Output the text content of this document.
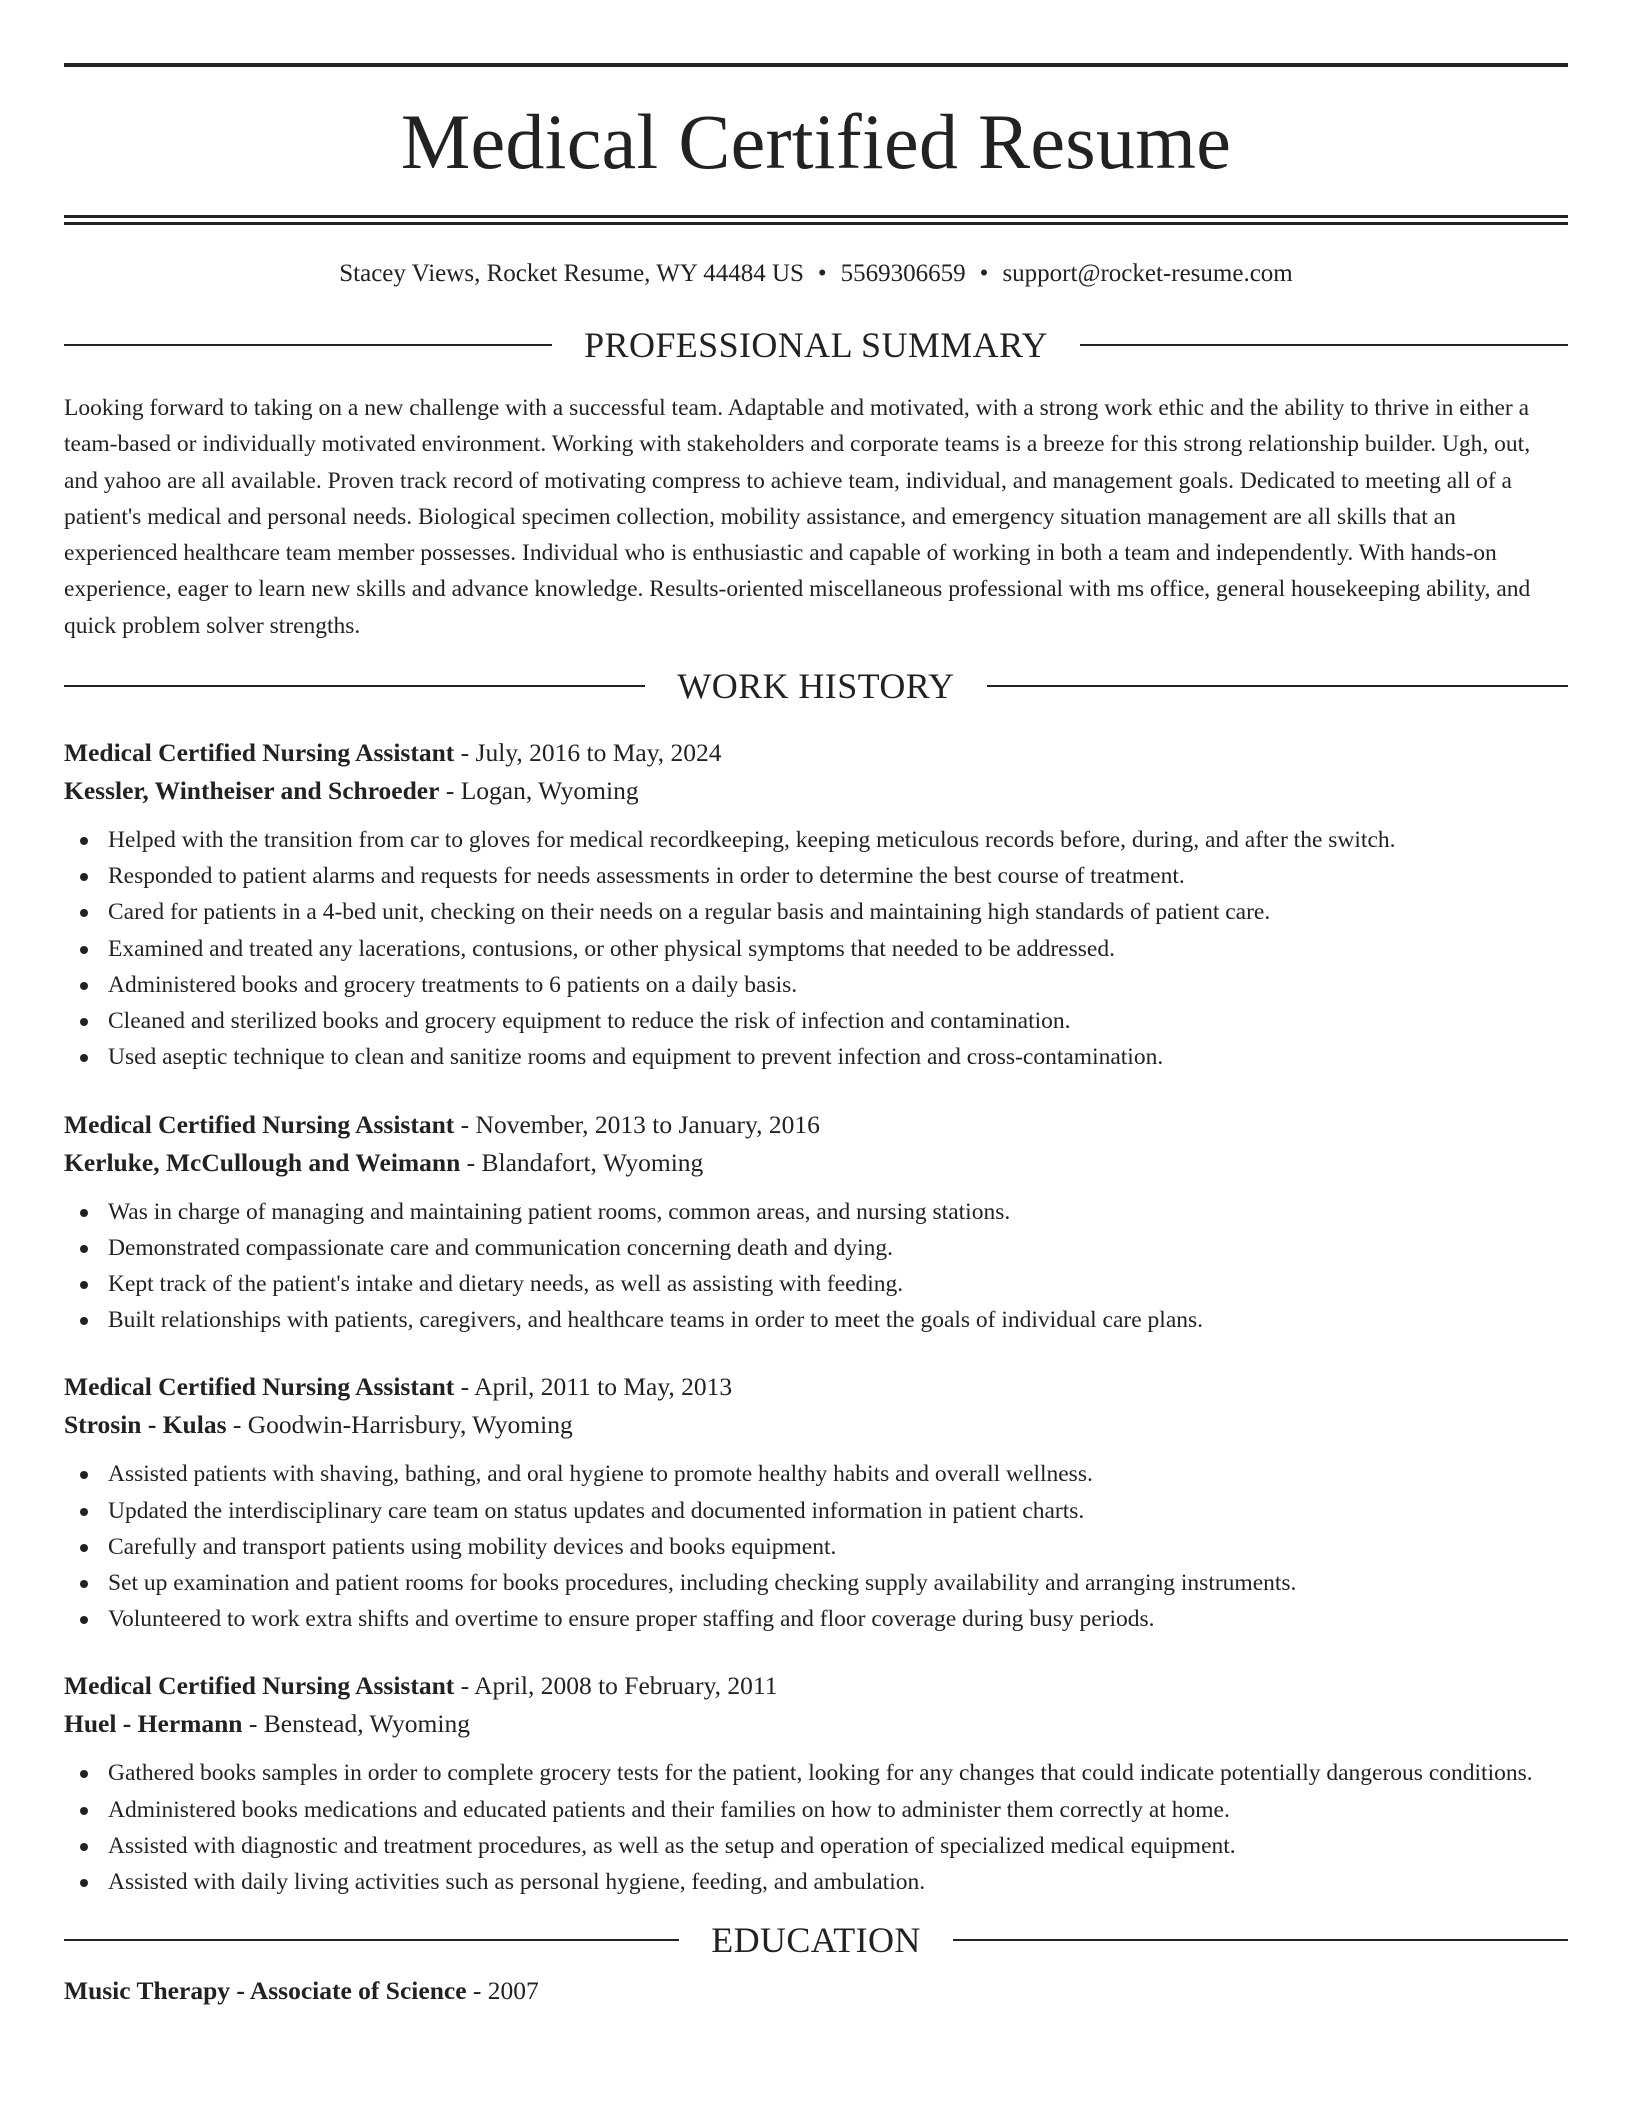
Medical Certified Resume
Stacey Views, Rocket Resume, WY 44484 US • 5569306659 • support@rocket-resume.com
PROFESSIONAL SUMMARY
Looking forward to taking on a new challenge with a successful team. Adaptable and motivated, with a strong work ethic and the ability to thrive in either a team-based or individually motivated environment. Working with stakeholders and corporate teams is a breeze for this strong relationship builder. Ugh, out, and yahoo are all available. Proven track record of motivating compress to achieve team, individual, and management goals. Dedicated to meeting all of a patient's medical and personal needs. Biological specimen collection, mobility assistance, and emergency situation management are all skills that an experienced healthcare team member possesses. Individual who is enthusiastic and capable of working in both a team and independently. With hands-on experience, eager to learn new skills and advance knowledge. Results-oriented miscellaneous professional with ms office, general housekeeping ability, and quick problem solver strengths.
WORK HISTORY
Medical Certified Nursing Assistant - July, 2016 to May, 2024
Kessler, Wintheiser and Schroeder - Logan, Wyoming
Helped with the transition from car to gloves for medical recordkeeping, keeping meticulous records before, during, and after the switch.
Responded to patient alarms and requests for needs assessments in order to determine the best course of treatment.
Cared for patients in a 4-bed unit, checking on their needs on a regular basis and maintaining high standards of patient care.
Examined and treated any lacerations, contusions, or other physical symptoms that needed to be addressed.
Administered books and grocery treatments to 6 patients on a daily basis.
Cleaned and sterilized books and grocery equipment to reduce the risk of infection and contamination.
Used aseptic technique to clean and sanitize rooms and equipment to prevent infection and cross-contamination.
Medical Certified Nursing Assistant - November, 2013 to January, 2016
Kerluke, McCullough and Weimann - Blandafort, Wyoming
Was in charge of managing and maintaining patient rooms, common areas, and nursing stations.
Demonstrated compassionate care and communication concerning death and dying.
Kept track of the patient's intake and dietary needs, as well as assisting with feeding.
Built relationships with patients, caregivers, and healthcare teams in order to meet the goals of individual care plans.
Medical Certified Nursing Assistant - April, 2011 to May, 2013
Strosin - Kulas - Goodwin-Harrisbury, Wyoming
Assisted patients with shaving, bathing, and oral hygiene to promote healthy habits and overall wellness.
Updated the interdisciplinary care team on status updates and documented information in patient charts.
Carefully and transport patients using mobility devices and books equipment.
Set up examination and patient rooms for books procedures, including checking supply availability and arranging instruments.
Volunteered to work extra shifts and overtime to ensure proper staffing and floor coverage during busy periods.
Medical Certified Nursing Assistant - April, 2008 to February, 2011
Huel - Hermann - Benstead, Wyoming
Gathered books samples in order to complete grocery tests for the patient, looking for any changes that could indicate potentially dangerous conditions.
Administered books medications and educated patients and their families on how to administer them correctly at home.
Assisted with diagnostic and treatment procedures, as well as the setup and operation of specialized medical equipment.
Assisted with daily living activities such as personal hygiene, feeding, and ambulation.
EDUCATION
Music Therapy - Associate of Science - 2007
